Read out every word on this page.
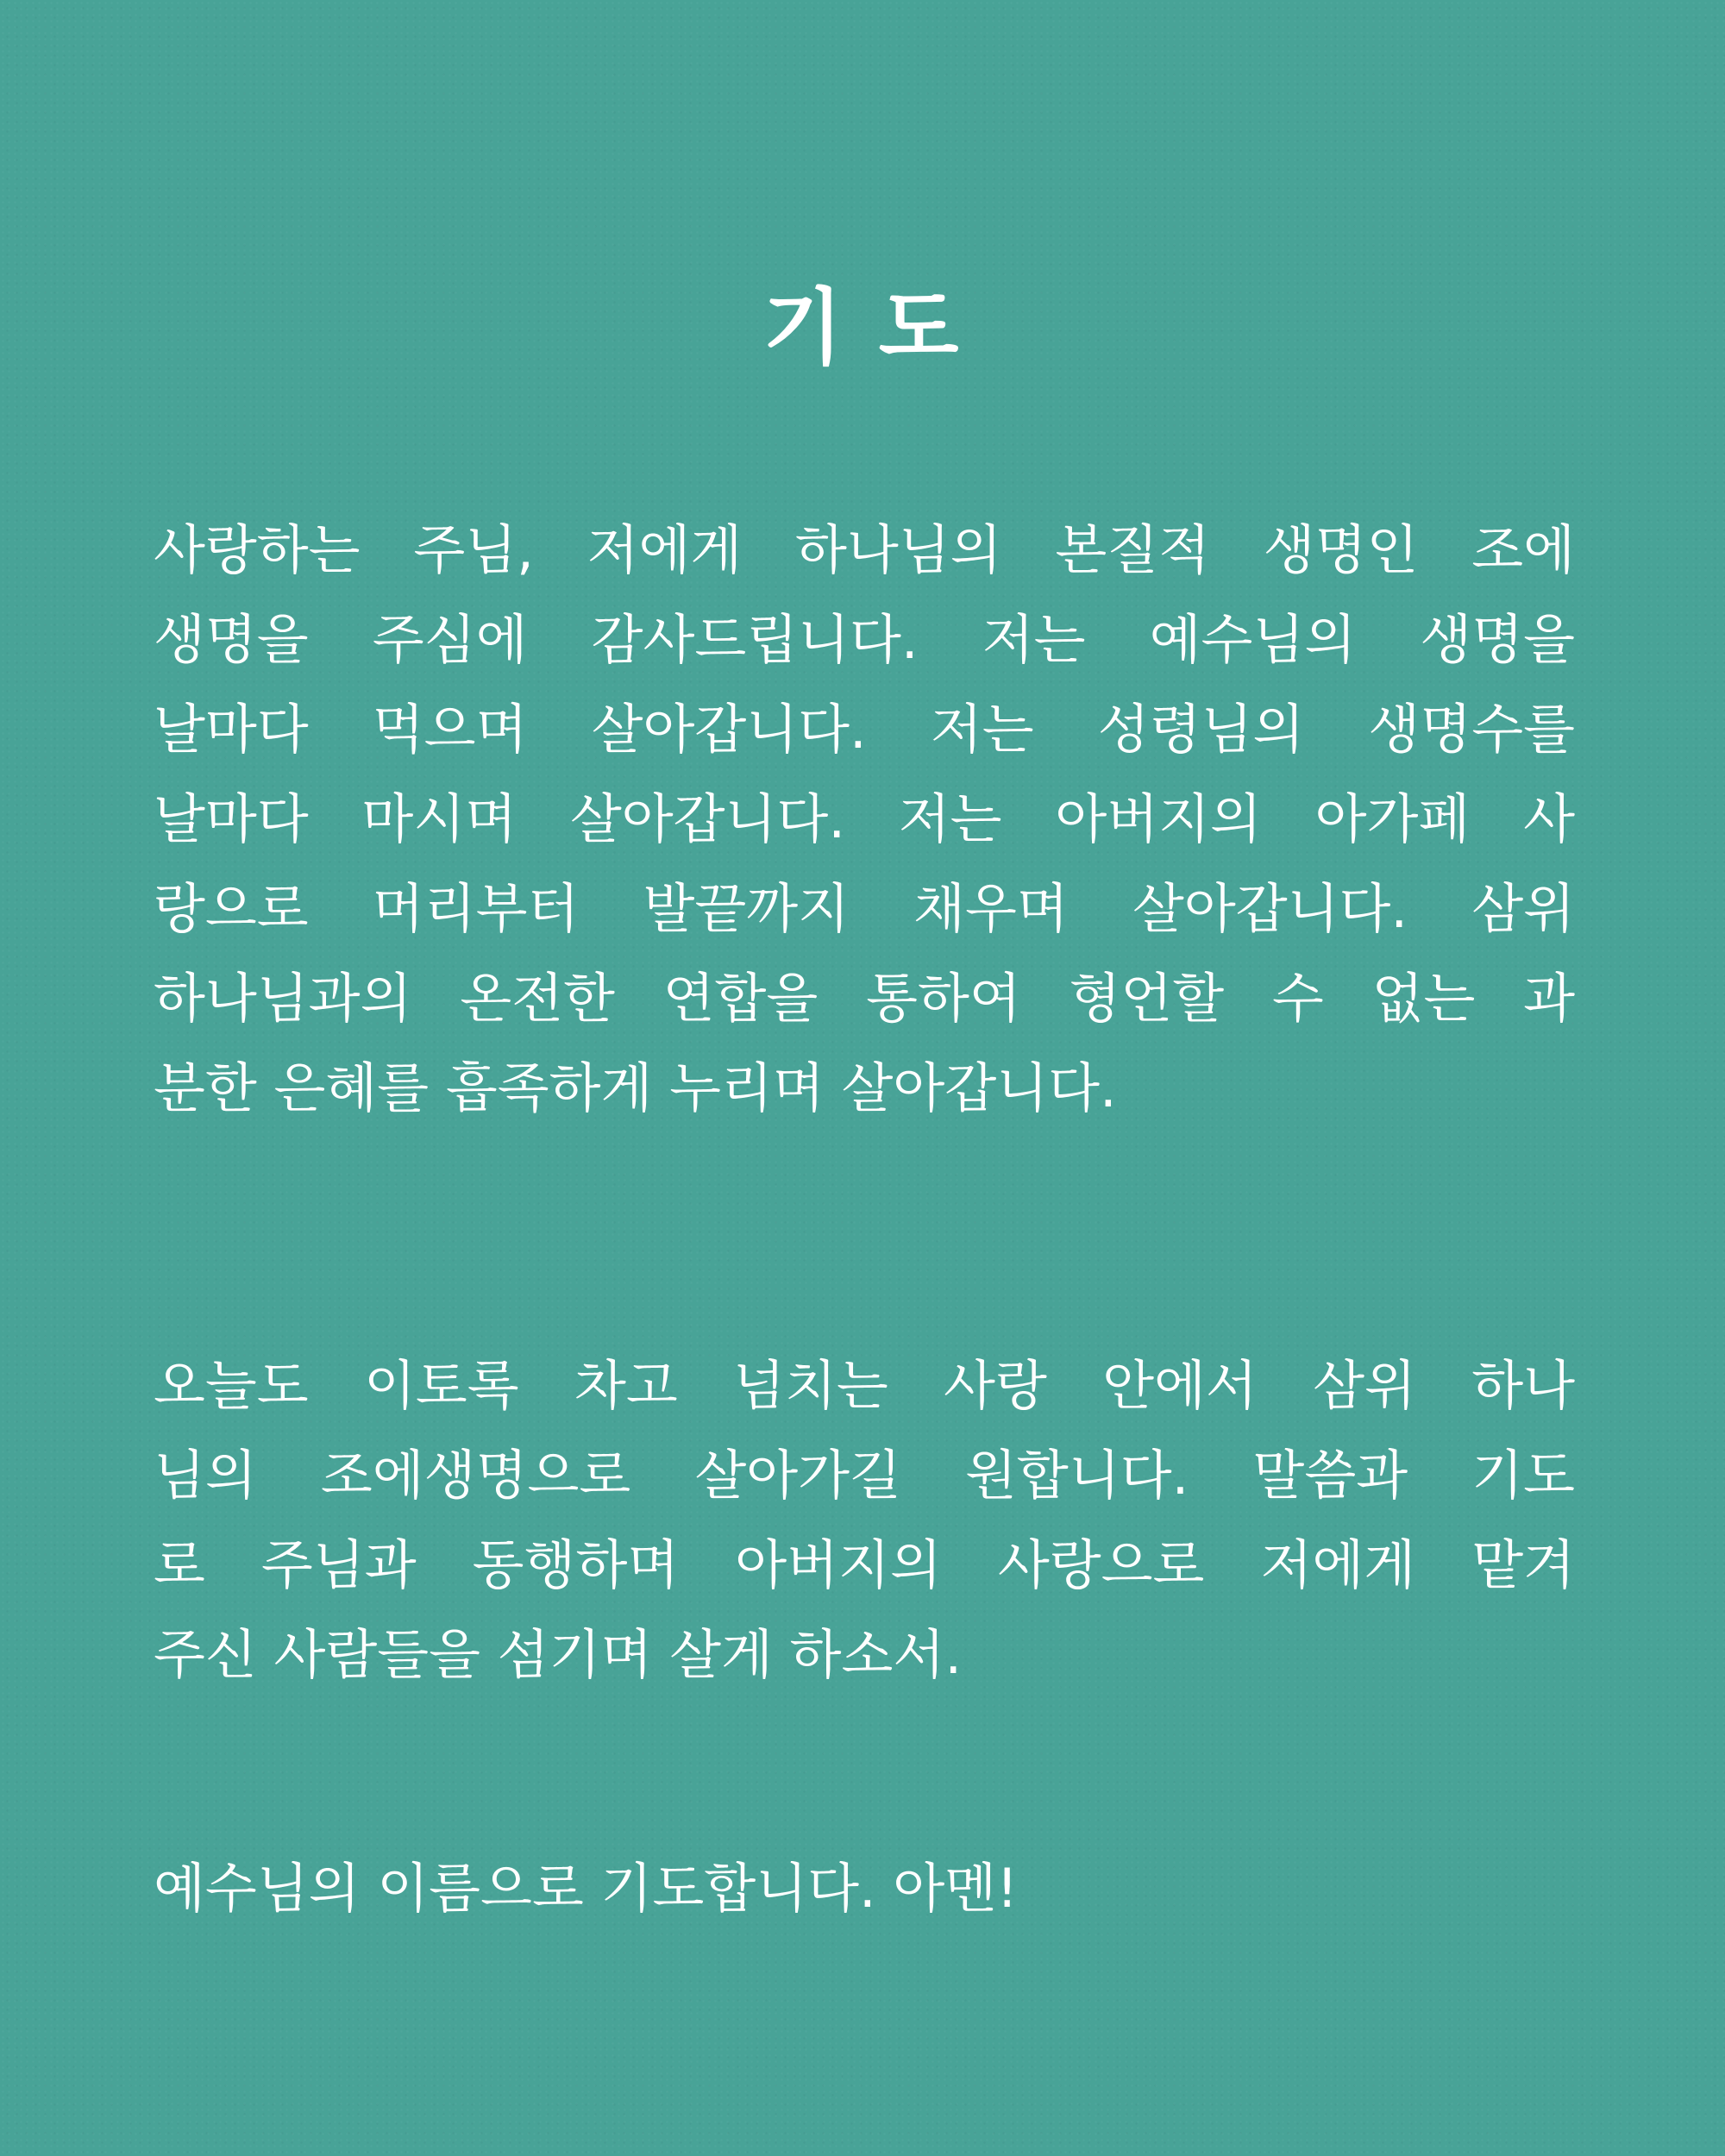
기 도
사랑하는 주님, 저에게 하나님의 본질적 생명인 조에
생명을 주심에 감사드립니다. 저는 예수님의 생명을
날마다 먹으며 살아갑니다. 저는 성령님의 생명수를
날마다 마시며 살아갑니다. 저는 아버지의 아가페 사
랑으로 머리부터 발끝까지 채우며 살아갑니다. 삼위
하나님과의 온전한 연합을 통하여 형언할 수 없는 과
분한 은혜를 흡족하게 누리며 살아갑니다.
오늘도 이토록 차고 넘치는 사랑 안에서 삼위 하나
님의 조에생명으로 살아가길 원합니다. 말씀과 기도
로 주님과 동행하며 아버지의 사랑으로 저에게 맡겨
주신 사람들을 섬기며 살게 하소서.
예수님의 이름으로 기도합니다. 아멘!
